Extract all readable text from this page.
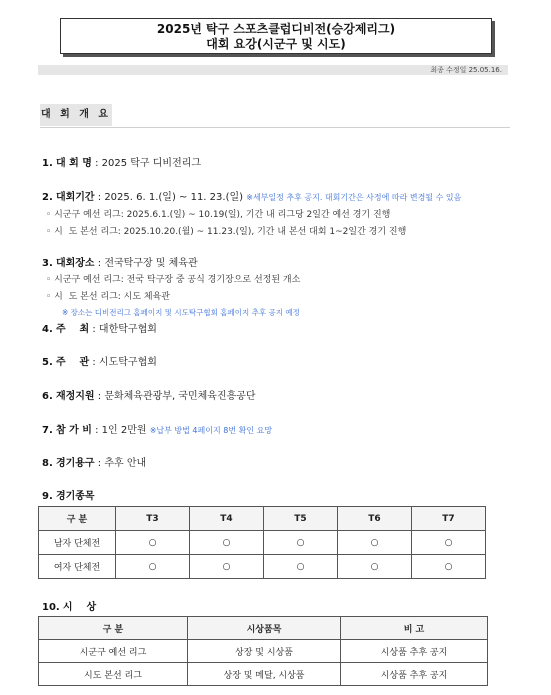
2025년 탁구 스포츠클럽디비전(승강제리그)
대회 요강(시군구 및 시도)
최종 수정일 25.05.16.
대 회 개 요
1. 대 회 명 : 2025 탁구 디비전리그
2. 대회기간 : 2025. 6. 1.(일) ~ 11. 23.(일) ※세부일정 추후 공지. 대회기간은 사정에 따라 변경될 수 있음
◦ 시군구 예선 리그: 2025.6.1.(일) ~ 10.19(일), 기간 내 리그당 2일간 예선 경기 진행
◦ 시  도 본선 리그: 2025.10.20.(월) ~ 11.23.(일), 기간 내 본선 대회 1~2일간 경기 진행
3. 대회장소 : 전국탁구장 및 체육관
◦ 시군구 예선 리그: 전국 탁구장 중 공식 경기장으로 선정된 개소
◦ 시  도 본선 리그: 시도 체육관
※ 장소는 디비전리그 홈페이지 및 시도탁구협회 홈페이지 추후 공지 예정
4. 주    최 : 대한탁구협회
5. 주    관 : 시도탁구협회
6. 재정지원 : 문화체육관광부, 국민체육진흥공단
7. 참 가 비 : 1인 2만원 ※납부 방법 4페이지 8번 확인 요망
8. 경기용구 : 추후 안내
9. 경기종목
구 분	T3	T4	T5	T6	T7
남자 단체전	○	○	○	○	○
여자 단체전	○	○	○	○	○
10. 시    상
구 분	시상품목	비 고
시군구 예선 리그	상장 및 시상품	시상품 추후 공지
시도 본선 리그	상장 및 메달, 시상품	시상품 추후 공지
